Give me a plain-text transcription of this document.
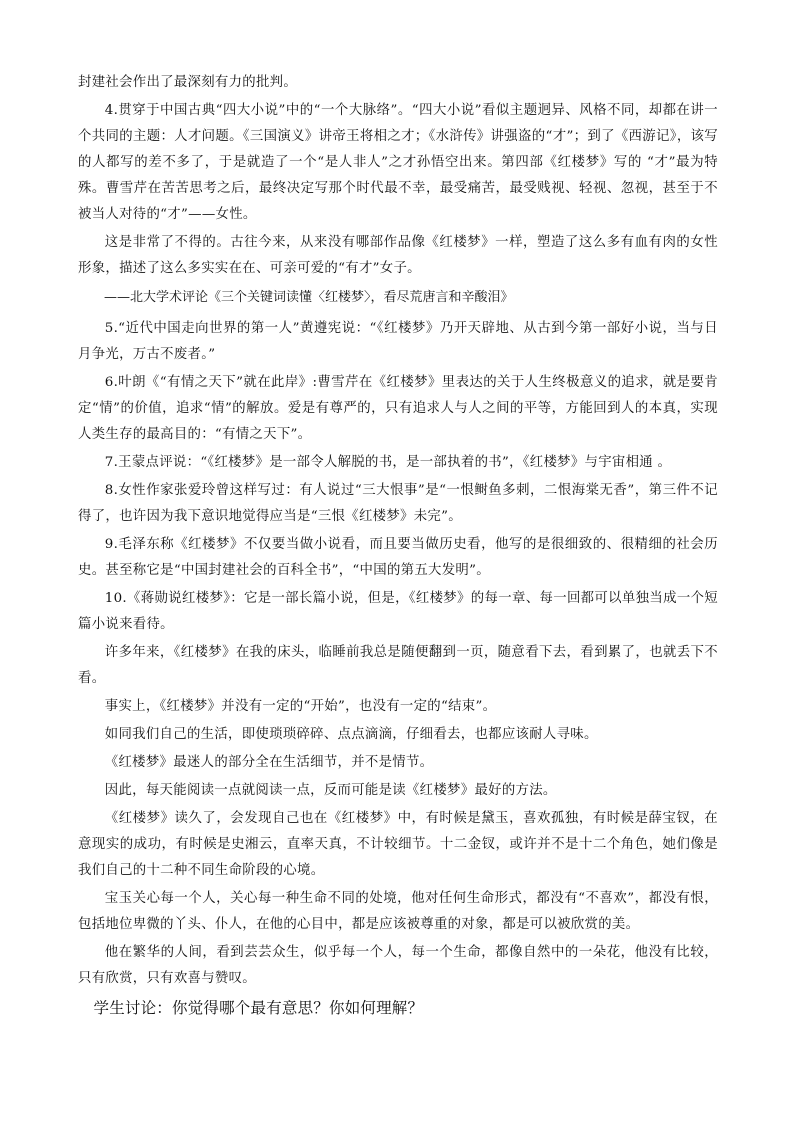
封建社会作出了最深刻有力的批判。

4.贯穿于中国古典“四大小说”中的“一个大脉络”。“四大小说”看似主题迥异、风格不同，却都在讲一个共同的主题：人才问题。《三国演义》讲帝王将相之才；《水浒传》讲强盗的“才”；到了《西游记》，该写的人都写的差不多了，于是就造了一个“是人非人”之才孙悟空出来。第四部《红楼梦》写的 “才”最为特殊。曹雪芹在苦苦思考之后，最终决定写那个时代最不幸，最受痛苦，最受贱视、轻视、忽视，甚至于不被当人对待的“才”——女性。

这是非常了不得的。古往今来，从来没有哪部作品像《红楼梦》一样，塑造了这么多有血有肉的女性形象，描述了这么多实实在在、可亲可爱的“有才”女子。

——北大学术评论《三个关键词读懂〈红楼梦〉，看尽荒唐言和辛酸泪》

5.“近代中国走向世界的第一人”黄遵宪说：“《红楼梦》乃开天辟地、从古到今第一部好小说，当与日月争光，万古不废者。”

6.叶朗《“有情之天下”就在此岸》:曹雪芹在《红楼梦》里表达的关于人生终极意义的追求，就是要肯定“情”的价值，追求“情”的解放。爱是有尊严的，只有追求人与人之间的平等，方能回到人的本真，实现人类生存的最高目的：“有情之天下”。

7.王蒙点评说：“《红楼梦》是一部令人解脱的书，是一部执着的书”，《红楼梦》与宇宙相通 。

8.女性作家张爱玲曾这样写过：有人说过“三大恨事”是“一恨鲥鱼多刺，二恨海棠无香”，第三件不记得了，也许因为我下意识地觉得应当是“三恨《红楼梦》未完”。

9.毛泽东称《红楼梦》不仅要当做小说看，而且要当做历史看，他写的是很细致的、很精细的社会历史。甚至称它是“中国封建社会的百科全书”，“中国的第五大发明”。

10.《蒋勋说红楼梦》：它是一部长篇小说，但是，《红楼梦》的每一章、每一回都可以单独当成一个短篇小说来看待。

许多年来，《红楼梦》在我的床头，临睡前我总是随便翻到一页，随意看下去，看到累了，也就丢下不看。

事实上，《红楼梦》并没有一定的“开始”，也没有一定的“结束”。

如同我们自己的生活，即使琐琐碎碎、点点滴滴，仔细看去，也都应该耐人寻味。

《红楼梦》最迷人的部分全在生活细节，并不是情节。

因此，每天能阅读一点就阅读一点，反而可能是读《红楼梦》最好的方法。

《红楼梦》读久了，会发现自己也在《红楼梦》中，有时候是黛玉，喜欢孤独，有时候是薛宝钗，在意现实的成功，有时候是史湘云，直率天真，不计较细节。十二金钗，或许并不是十二个角色，她们像是我们自己的十二种不同生命阶段的心境。

宝玉关心每一个人，关心每一种生命不同的处境，他对任何生命形式，都没有“不喜欢”，都没有恨，包括地位卑微的丫头、仆人，在他的心目中，都是应该被尊重的对象，都是可以被欣赏的美。

他在繁华的人间，看到芸芸众生，似乎每一个人，每一个生命，都像自然中的一朵花，他没有比较，只有欣赏，只有欢喜与赞叹。

学生讨论：你觉得哪个最有意思？你如何理解？
